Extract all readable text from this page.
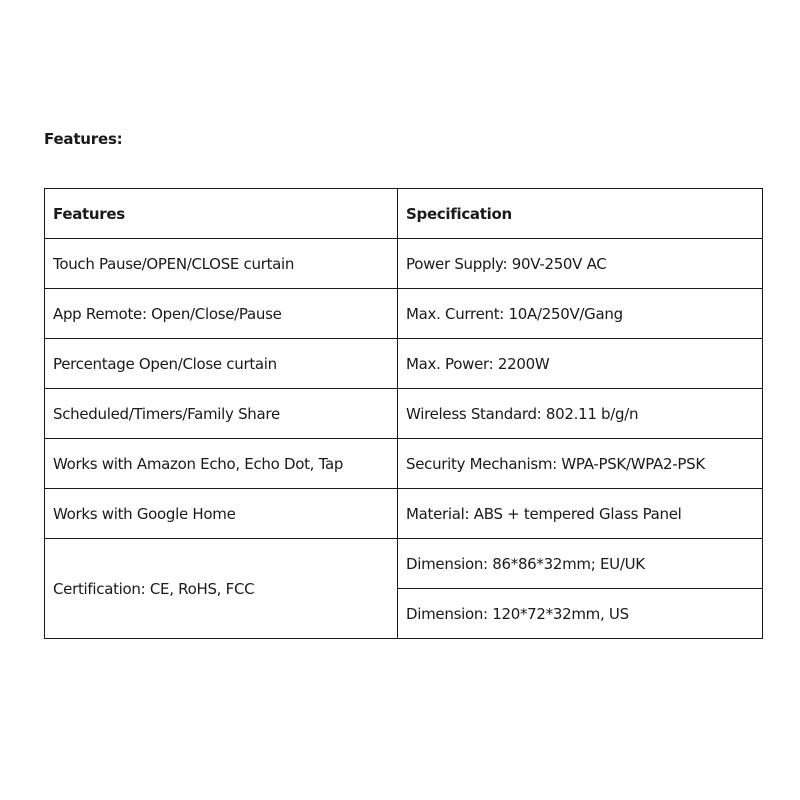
Features:
Features	Specification
Touch Pause/OPEN/CLOSE curtain	Power Supply: 90V-250V AC
App Remote: Open/Close/Pause	Max. Current: 10A/250V/Gang
Percentage Open/Close curtain	Max. Power: 2200W
Scheduled/Timers/Family Share	Wireless Standard: 802.11 b/g/n
Works with Amazon Echo, Echo Dot, Tap	Security Mechanism: WPA-PSK/WPA2-PSK
Works with Google Home	Material: ABS + tempered Glass Panel
Certification: CE, RoHS, FCC	Dimension: 86*86*32mm; EU/UK
	Dimension: 120*72*32mm, US
